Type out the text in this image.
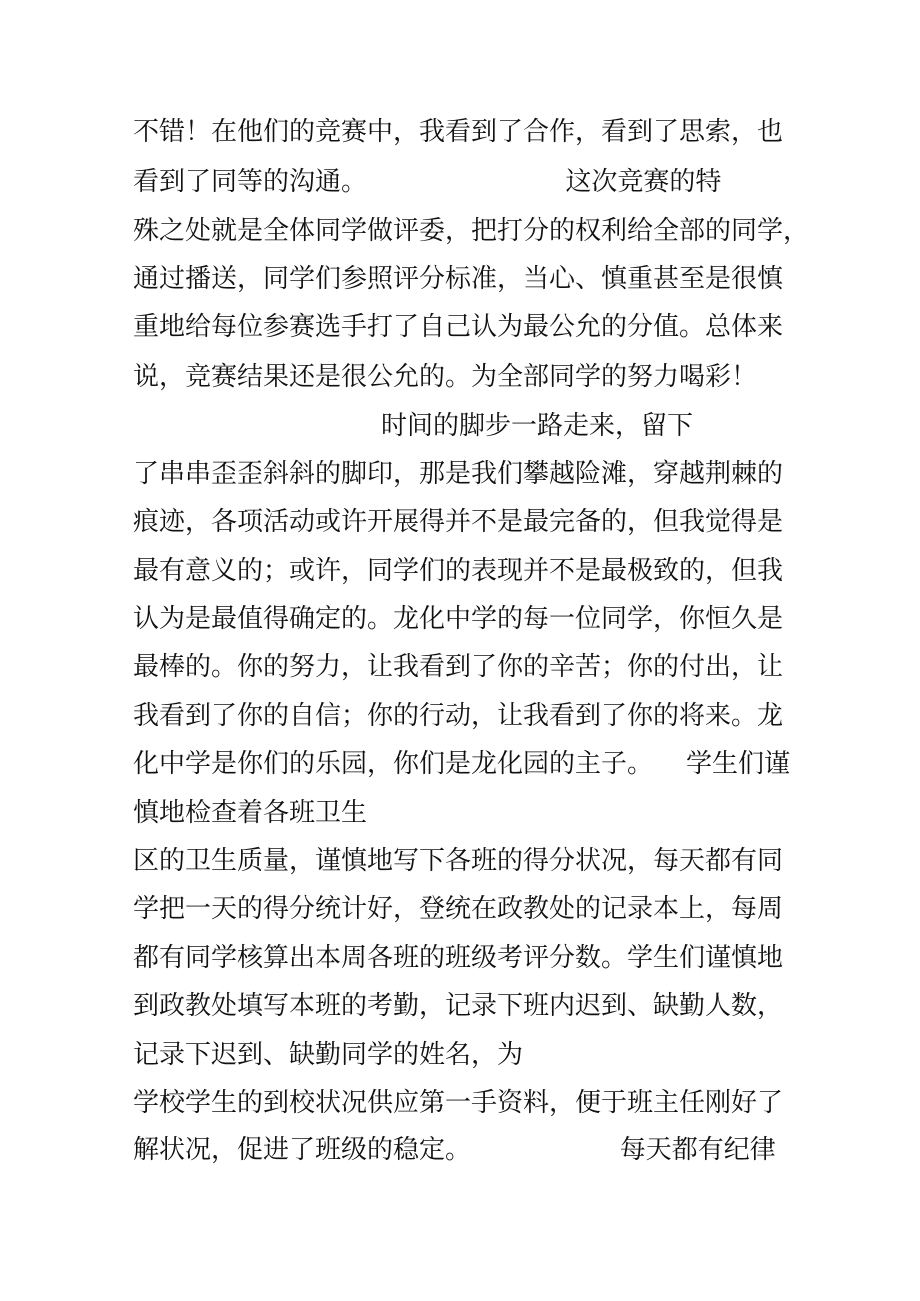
不错！在他们的竞赛中，我看到了合作，看到了思索，也

看到了同等的沟通。                        这次竞赛的特

殊之处就是全体同学做评委，把打分的权利给全部的同学，

通过播送，同学们参照评分标准，当心、慎重甚至是很慎

重地给每位参赛选手打了自己认为最公允的分值。总体来

说，竞赛结果还是很公允的。为全部同学的努力喝彩！

时间的脚步一路走来，留下

了串串歪歪斜斜的脚印，那是我们攀越险滩，穿越荆棘的

痕迹，各项活动或许开展得并不是最完备的，但我觉得是

最有意义的；或许，同学们的表现并不是最极致的，但我

认为是最值得确定的。龙化中学的每一位同学，你恒久是

最棒的。你的努力，让我看到了你的辛苦；你的付出，让

我看到了你的自信；你的行动，让我看到了你的将来。龙

化中学是你们的乐园，你们是龙化园的主子。    学生们谨

慎地检查着各班卫生

区的卫生质量，谨慎地写下各班的得分状况，每天都有同

学把一天的得分统计好，登统在政教处的记录本上，每周

都有同学核算出本周各班的班级考评分数。学生们谨慎地

到政教处填写本班的考勤，记录下班内迟到、缺勤人数，

记录下迟到、缺勤同学的姓名，为

学校学生的到校状况供应第一手资料，便于班主任刚好了

解状况，促进了班级的稳定。                  每天都有纪律
